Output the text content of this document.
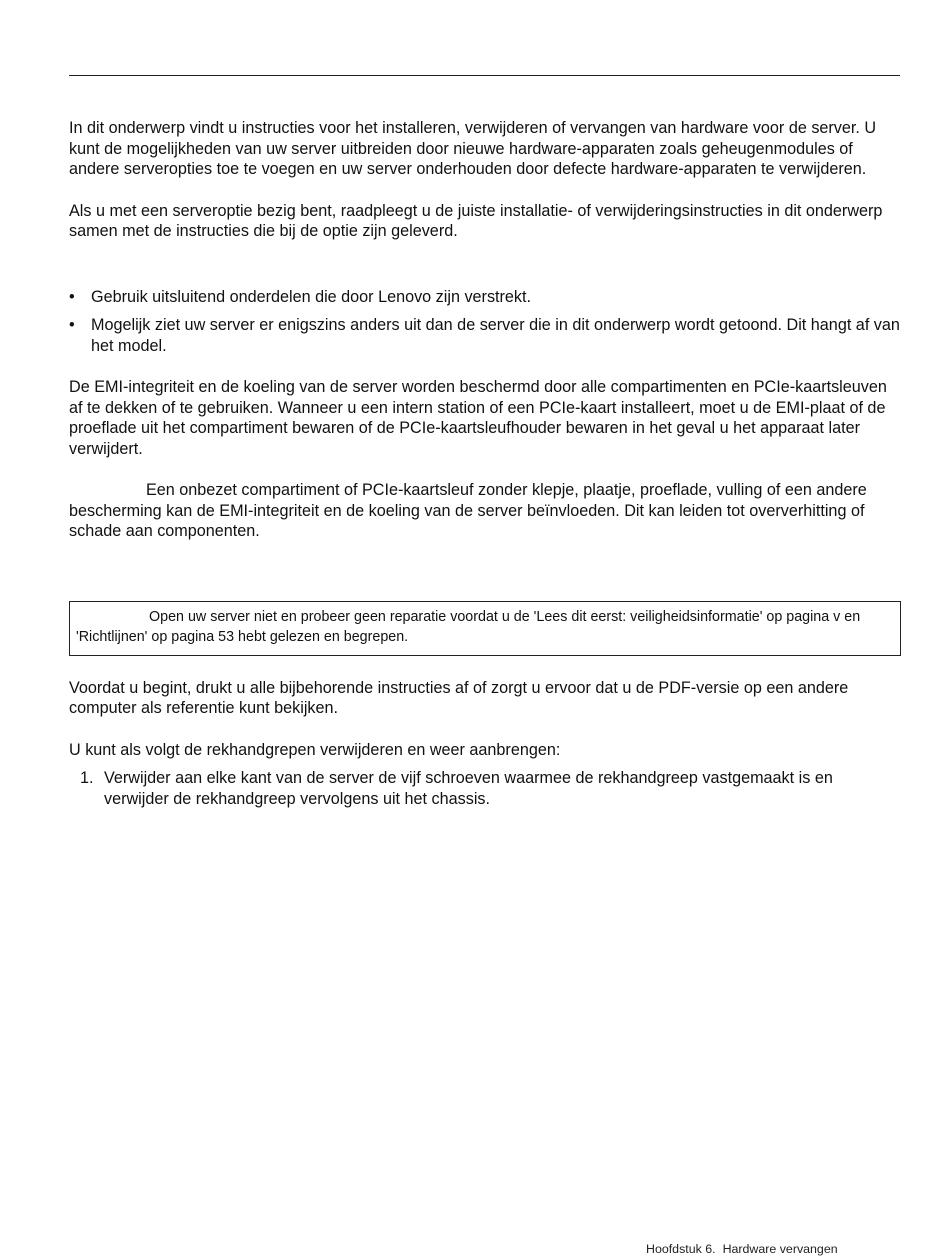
In dit onderwerp vindt u instructies voor het installeren, verwijderen of vervangen van hardware voor de server. U kunt de mogelijkheden van uw server uitbreiden door nieuwe hardware-apparaten zoals geheugenmodules of andere serveropties toe te voegen en uw server onderhouden door defecte hardware-apparaten te verwijderen.

Als u met een serveroptie bezig bent, raadpleegt u de juiste installatie- of verwijderingsinstructies in dit onderwerp samen met de instructies die bij de optie zijn geleverd.

• Gebruik uitsluitend onderdelen die door Lenovo zijn verstrekt.
• Mogelijk ziet uw server er enigszins anders uit dan de server die in dit onderwerp wordt getoond. Dit hangt af van het model.

De EMI-integriteit en de koeling van de server worden beschermd door alle compartimenten en PCIe-kaartsleuven af te dekken of te gebruiken. Wanneer u een intern station of een PCIe-kaart installeert, moet u de EMI-plaat of de proeflade uit het compartiment bewaren of de PCIe-kaartsleufhouder bewaren in het geval u het apparaat later verwijdert.

Een onbezet compartiment of PCIe-kaartsleuf zonder klepje, plaatje, proeflade, vulling of een andere bescherming kan de EMI-integriteit en de koeling van de server beïnvloeden. Dit kan leiden tot oververhitting of schade aan componenten.

Open uw server niet en probeer geen reparatie voordat u de 'Lees dit eerst: veiligheidsinformatie' op pagina v en 'Richtlijnen' op pagina 53 hebt gelezen en begrepen.

Voordat u begint, drukt u alle bijbehorende instructies af of zorgt u ervoor dat u de PDF-versie op een andere computer als referentie kunt bekijken.

U kunt als volgt de rekhandgrepen verwijderen en weer aanbrengen:

1. Verwijder aan elke kant van de server de vijf schroeven waarmee de rekhandgreep vastgemaakt is en verwijder de rekhandgreep vervolgens uit het chassis.
Hoofdstuk 6. Hardware vervangen
